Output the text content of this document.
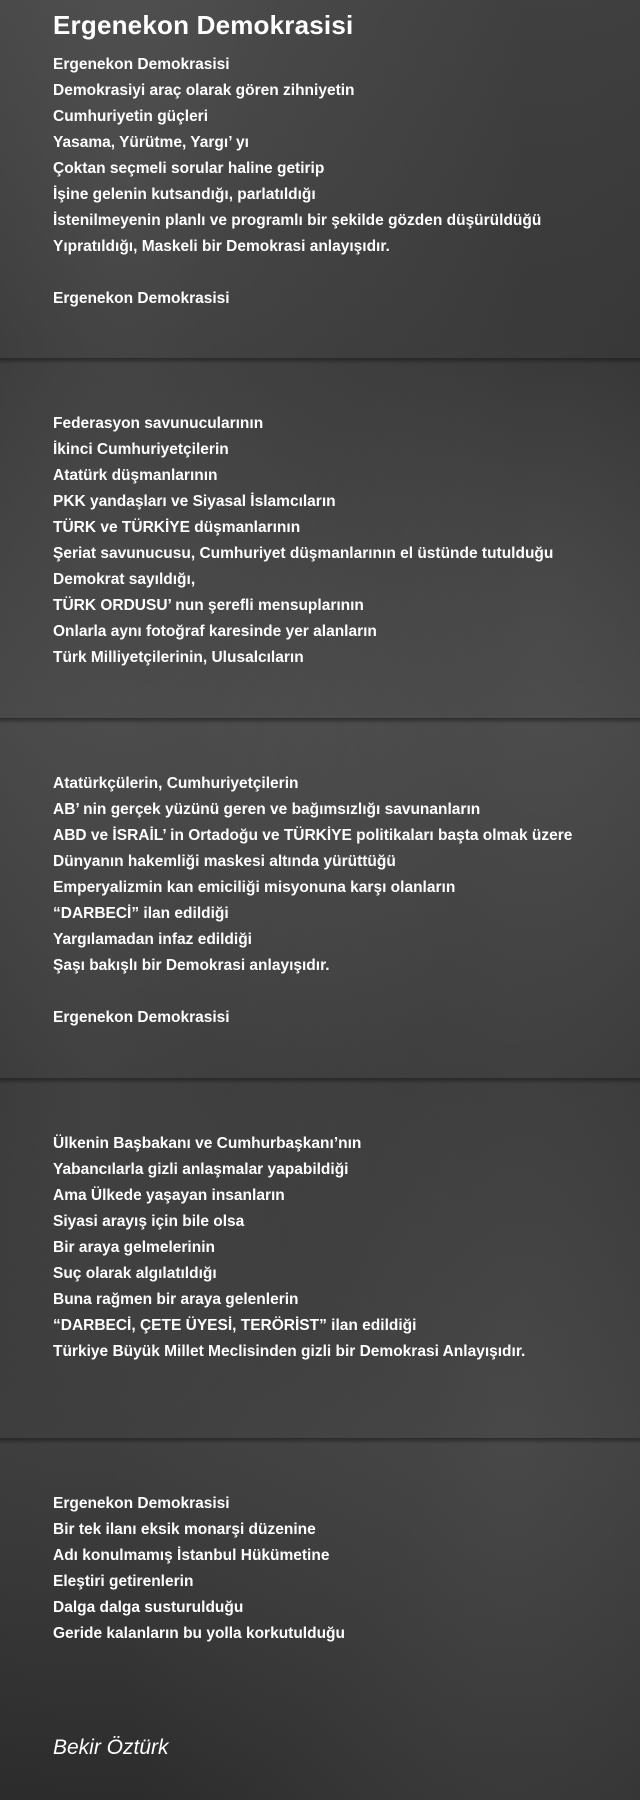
Ergenekon Demokrasisi
Ergenekon Demokrasisi
Demokrasiyi araç olarak gören zihniyetin
Cumhuriyetin güçleri
Yasama, Yürütme, Yargı’ yı
Çoktan seçmeli sorular haline getirip
İşine gelenin kutsandığı, parlatıldığı
İstenilmeyenin planlı ve programlı bir şekilde gözden düşürüldüğü
Yıpratıldığı, Maskeli bir Demokrasi anlayışıdır.

Ergenekon Demokrasisi
Federasyon savunucularının
İkinci Cumhuriyetçilerin
Atatürk düşmanlarının
PKK yandaşları ve Siyasal İslamcıların
TÜRK ve TÜRKİYE düşmanlarının
Şeriat savunucusu, Cumhuriyet düşmanlarının el üstünde tutulduğu
Demokrat sayıldığı,
TÜRK ORDUSU’ nun şerefli mensuplarının
Onlarla aynı fotoğraf karesinde yer alanların
Türk Milliyetçilerinin, Ulusalcıların
Atatürkçülerin, Cumhuriyetçilerin
AB’ nin gerçek yüzünü geren ve bağımsızlığı savunanların
ABD ve İSRAİL’ in Ortadoğu ve TÜRKİYE politikaları başta olmak üzere
Dünyanın hakemliği maskesi altında yürüttüğü
Emperyalizmin kan emiciliği misyonuna karşı olanların
“DARBECİ” ilan edildiği
Yargılamadan infaz edildiği
Şaşı bakışlı bir Demokrasi anlayışıdır.

Ergenekon Demokrasisi
Ülkenin Başbakanı ve Cumhurbaşkanı’nın
Yabancılarla gizli anlaşmalar yapabildiği
Ama Ülkede yaşayan insanların
Siyasi arayış için bile olsa
Bir araya gelmelerinin
Suç olarak algılatıldığı
Buna rağmen bir araya gelenlerin
“DARBECİ, ÇETE ÜYESİ, TERÖRİST” ilan edildiği
Türkiye Büyük Millet Meclisinden gizli bir Demokrasi Anlayışıdır.
Ergenekon Demokrasisi
Bir tek ilanı eksik monarşi düzenine
Adı konulmamış İstanbul Hükümetine
Eleştiri getirenlerin
Dalga dalga susturulduğu
Geride kalanların bu yolla korkutulduğu
Bekir Öztürk
